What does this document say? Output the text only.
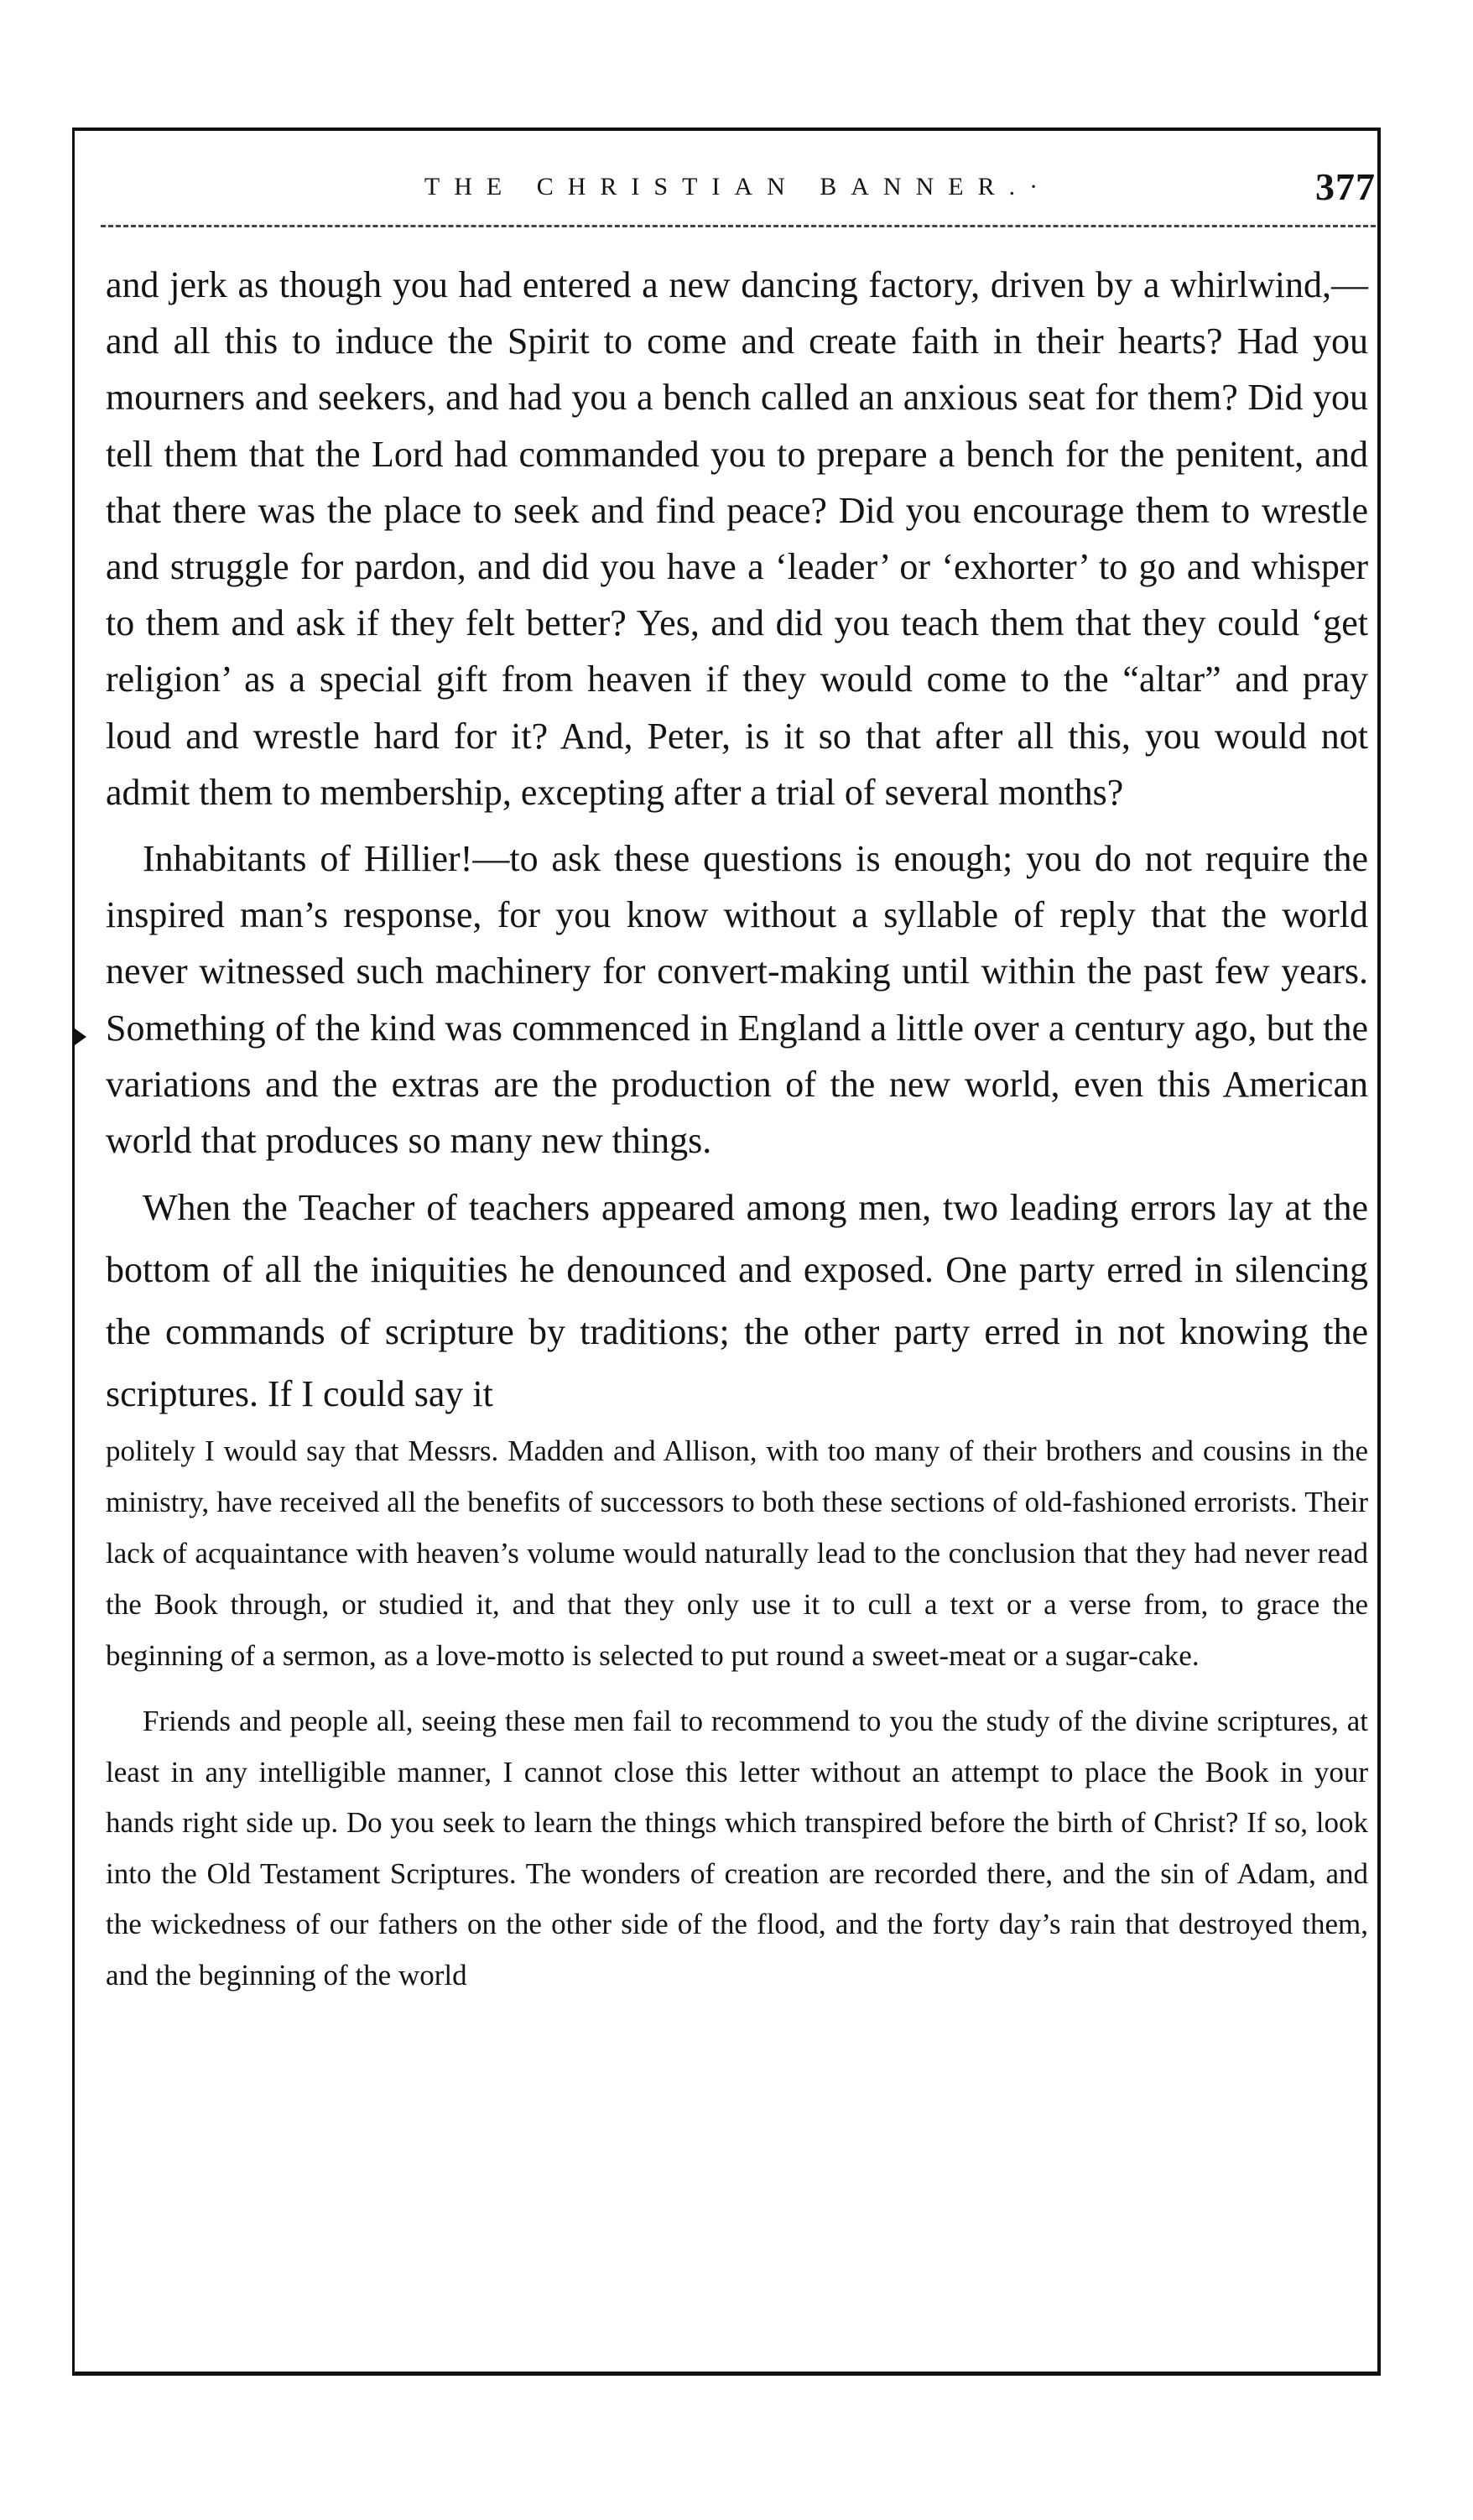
THE CHRISTIAN BANNER.·	377

and jerk as though you had entered a new dancing factory, driven by a whirlwind,—and all this to induce the Spirit to come and create faith in their hearts? Had you mourners and seekers, and had you a bench called an anxious seat for them? Did you tell them that the Lord had commanded you to prepare a bench for the penitent, and that there was the place to seek and find peace? Did you encourage them to wrestle and struggle for pardon, and did you have a ‘leader’ or ‘exhorter’ to go and whisper to them and ask if they felt better? Yes, and did you teach them that they could ‘get religion’ as a special gift from heaven if they would come to the “altar” and pray loud and wrestle hard for it? And, Peter, is it so that after all this, you would not admit them to membership, excepting after a trial of several months?

Inhabitants of Hillier!—to ask these questions is enough; you do not require the inspired man’s response, for you know without a syllable of reply that the world never witnessed such machinery for convert-making until within the past few years. Something of the kind was commenced in England a little over a century ago, but the variations and the extras are the production of the new world, even this American world that produces so many new things.

When the Teacher of teachers appeared among men, two leading errors lay at the bottom of all the iniquities he denounced and exposed. One party erred in silencing the commands of scripture by traditions; the other party erred in not knowing the scriptures. If I could say it

politely I would say that Messrs. Madden and Allison, with too many of their brothers and cousins in the ministry, have received all the benefits of successors to both these sections of old-fashioned errorists. Their lack of acquaintance with heaven’s volume would naturally lead to the conclusion that they had never read the Book through, or studied it, and that they only use it to cull a text or a verse from, to grace the beginning of a sermon, as a love-motto is selected to put round a sweet-meat or a sugar-cake.

Friends and people all, seeing these men fail to recommend to you the study of the divine scriptures, at least in any intelligible manner, I cannot close this letter without an attempt to place the Book in your hands right side up. Do you seek to learn the things which transpired before the birth of Christ? If so, look into the Old Testament Scriptures. The wonders of creation are recorded there, and the sin of Adam, and the wickedness of our fathers on the other side of the flood, and the forty day’s rain that destroyed them, and the beginning of the world
